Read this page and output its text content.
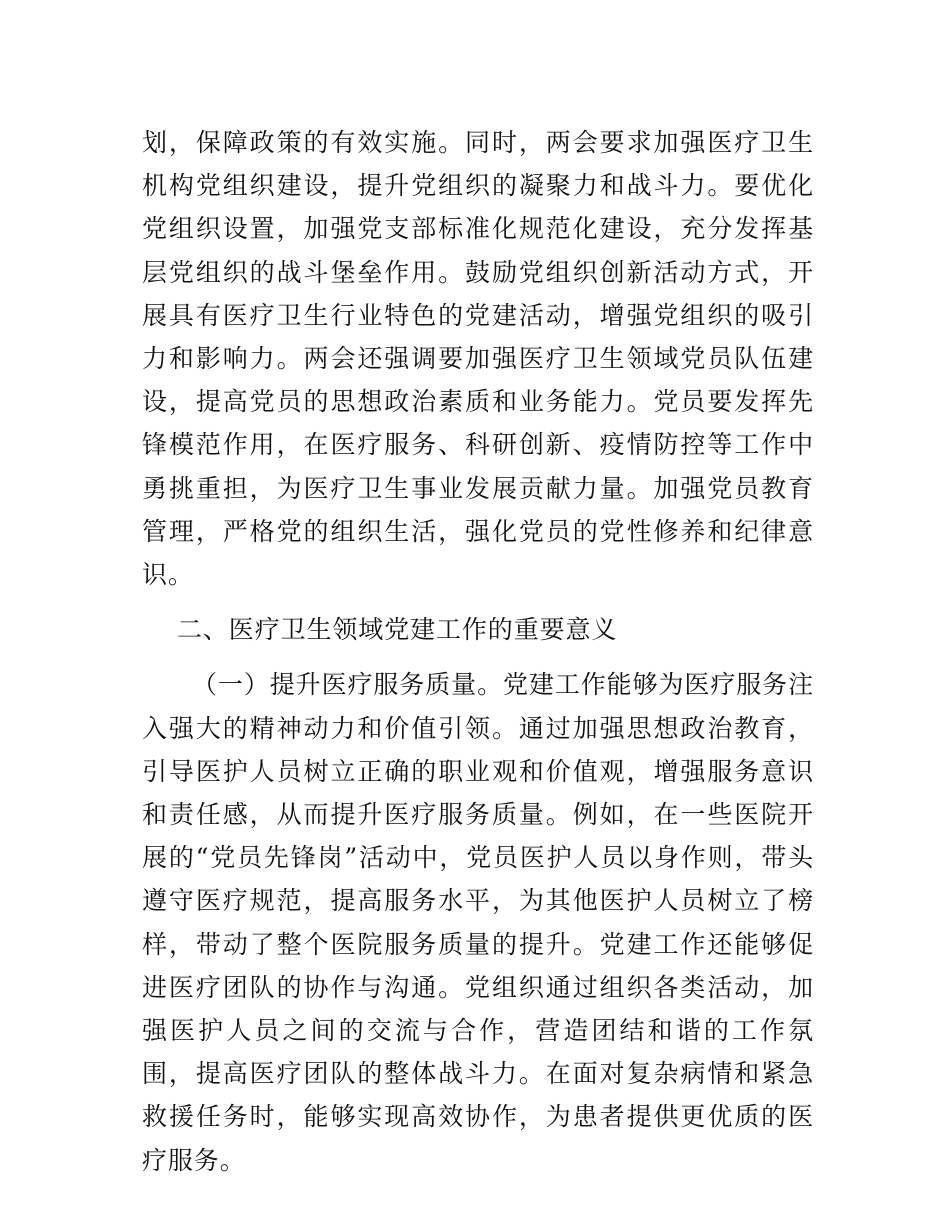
划，保障政策的有效实施。同时，两会要求加强医疗卫生机构党组织建设，提升党组织的凝聚力和战斗力。要优化党组织设置，加强党支部标准化规范化建设，充分发挥基层党组织的战斗堡垒作用。鼓励党组织创新活动方式，开展具有医疗卫生行业特色的党建活动，增强党组织的吸引力和影响力。两会还强调要加强医疗卫生领域党员队伍建设，提高党员的思想政治素质和业务能力。党员要发挥先锋模范作用，在医疗服务、科研创新、疫情防控等工作中勇挑重担，为医疗卫生事业发展贡献力量。加强党员教育管理，严格党的组织生活，强化党员的党性修养和纪律意识。

二、医疗卫生领域党建工作的重要意义

（一）提升医疗服务质量。党建工作能够为医疗服务注入强大的精神动力和价值引领。通过加强思想政治教育，引导医护人员树立正确的职业观和价值观，增强服务意识和责任感，从而提升医疗服务质量。例如，在一些医院开展的“党员先锋岗”活动中，党员医护人员以身作则，带头遵守医疗规范，提高服务水平，为其他医护人员树立了榜样，带动了整个医院服务质量的提升。党建工作还能够促进医疗团队的协作与沟通。党组织通过组织各类活动，加强医护人员之间的交流与合作，营造团结和谐的工作氛围，提高医疗团队的整体战斗力。在面对复杂病情和紧急救援任务时，能够实现高效协作，为患者提供更优质的医疗服务。
